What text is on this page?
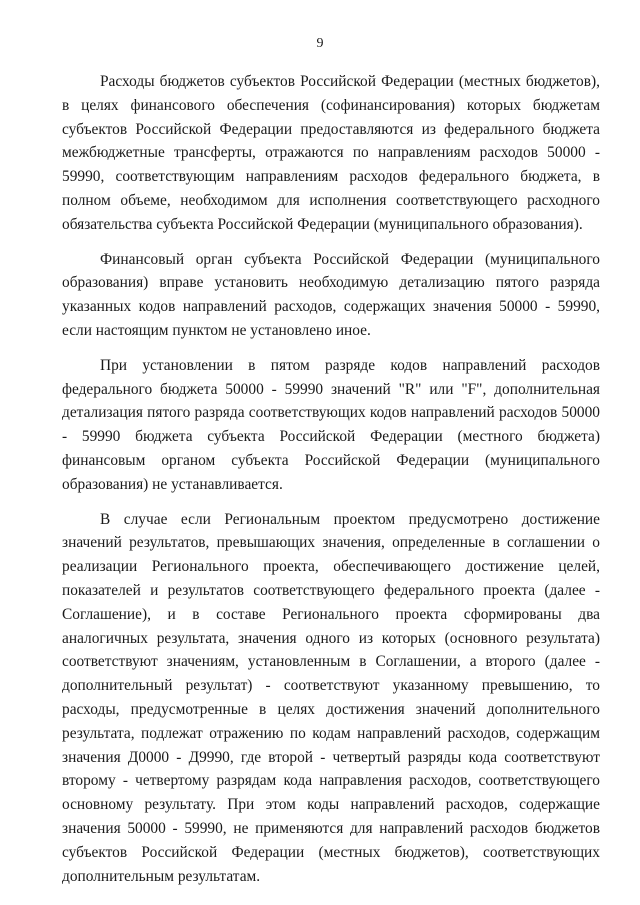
9

Расходы бюджетов субъектов Российской Федерации (местных бюджетов), в целях финансового обеспечения (софинансирования) которых бюджетам субъектов Российской Федерации предоставляются из федерального бюджета межбюджетные трансферты, отражаются по направлениям расходов 50000 - 59990, соответствующим направлениям расходов федерального бюджета, в полном объеме, необходимом для исполнения соответствующего расходного обязательства субъекта Российской Федерации (муниципального образования).

Финансовый орган субъекта Российской Федерации (муниципального образования) вправе установить необходимую детализацию пятого разряда указанных кодов направлений расходов, содержащих значения 50000 - 59990, если настоящим пунктом не установлено иное.

При установлении в пятом разряде кодов направлений расходов федерального бюджета 50000 - 59990 значений "R" или "F", дополнительная детализация пятого разряда соответствующих кодов направлений расходов 50000 - 59990 бюджета субъекта Российской Федерации (местного бюджета) финансовым органом субъекта Российской Федерации (муниципального образования) не устанавливается.

В случае если Региональным проектом предусмотрено достижение значений результатов, превышающих значения, определенные в соглашении о реализации Регионального проекта, обеспечивающего достижение целей, показателей и результатов соответствующего федерального проекта (далее - Соглашение), и в составе Регионального проекта сформированы два аналогичных результата, значения одного из которых (основного результата) соответствуют значениям, установленным в Соглашении, а второго (далее - дополнительный результат) - соответствуют указанному превышению, то расходы, предусмотренные в целях достижения значений дополнительного результата, подлежат отражению по кодам направлений расходов, содержащим значения Д0000 - Д9990, где второй - четвертый разряды кода соответствуют второму - четвертому разрядам кода направления расходов, соответствующего основному результату. При этом коды направлений расходов, содержащие значения 50000 - 59990, не применяются для направлений расходов бюджетов субъектов Российской Федерации (местных бюджетов), соответствующих дополнительным результатам.
